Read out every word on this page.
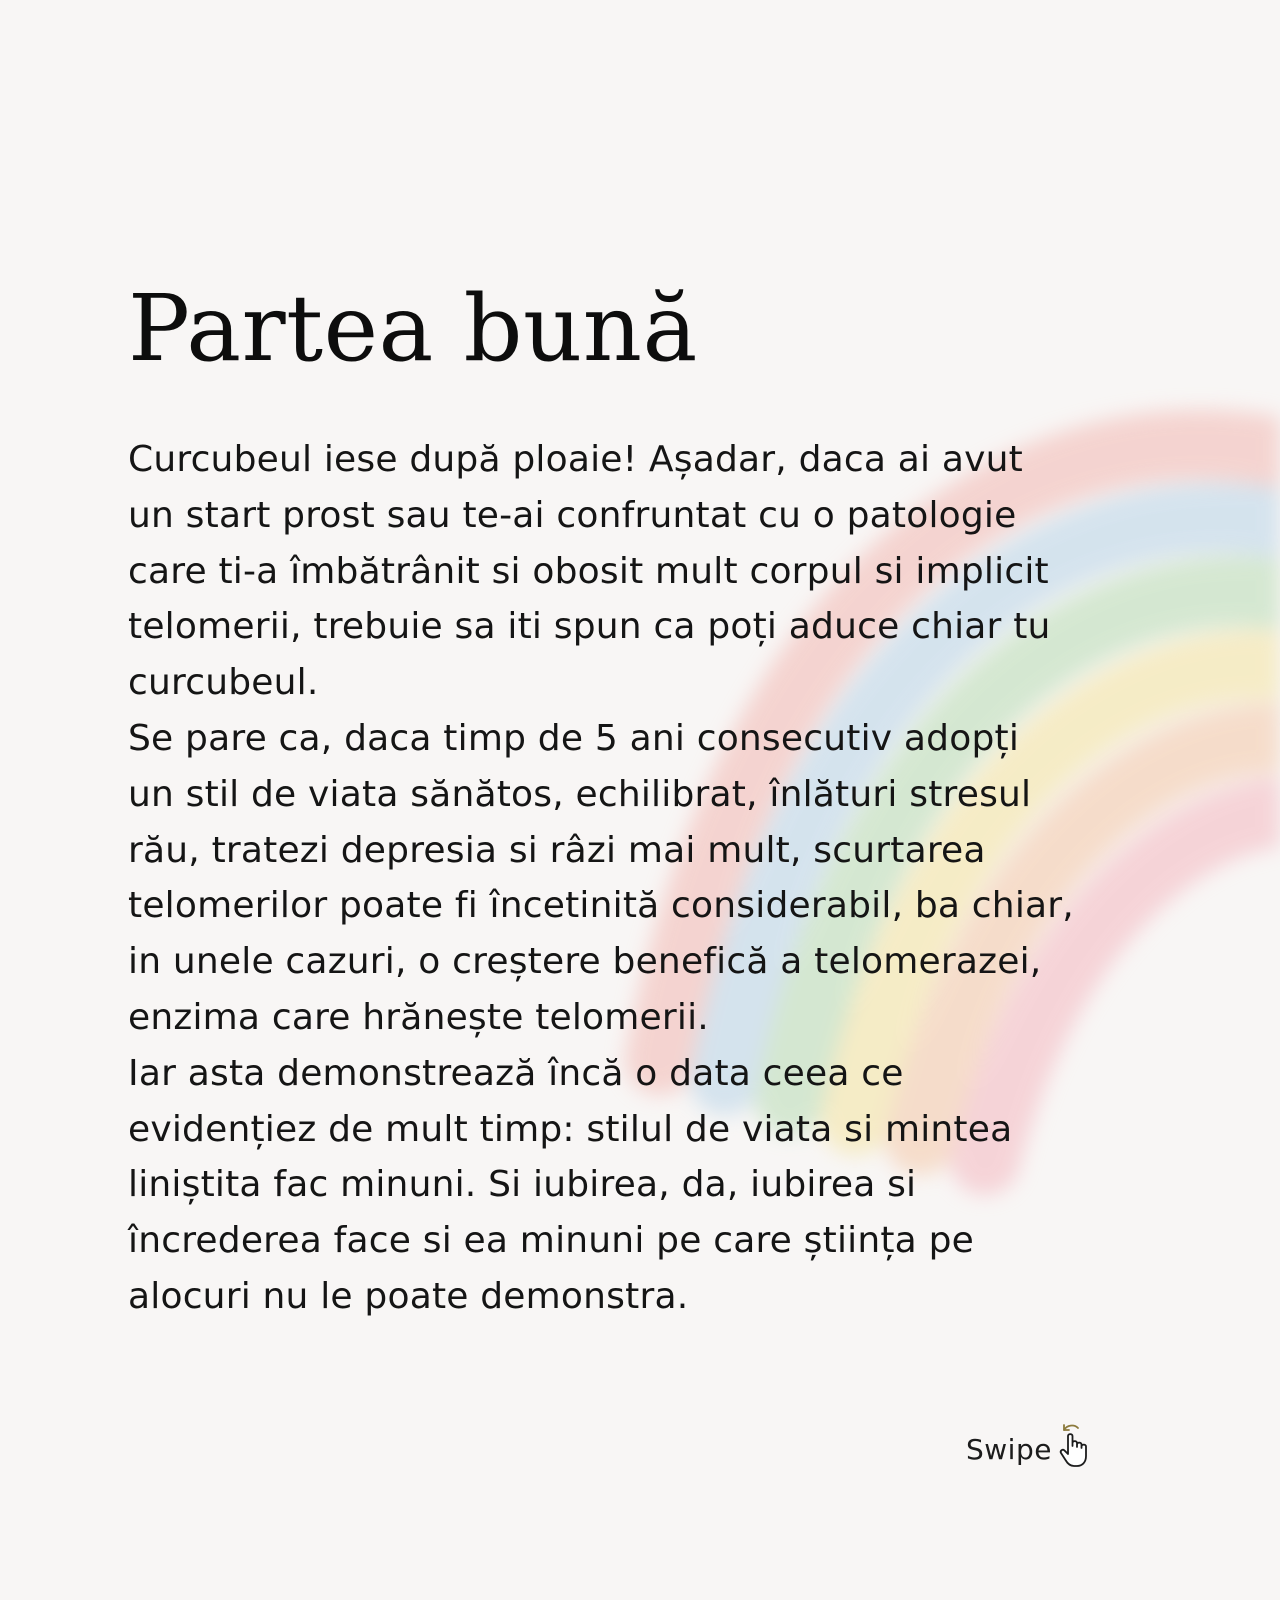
Partea bună
Curcubeul iese după ploaie! Așadar, daca ai avut
un start prost sau te-ai confruntat cu o patologie
care ti-a îmbătrânit si obosit mult corpul si implicit
telomerii, trebuie sa iti spun ca poți aduce chiar tu
curcubeul.
Se pare ca, daca timp de 5 ani consecutiv adopți
un stil de viata sănătos, echilibrat, înlături stresul
rău, tratezi depresia si râzi mai mult, scurtarea
telomerilor poate fi încetinită considerabil, ba chiar,
in unele cazuri, o creștere benefică a telomerazei,
enzima care hrănește telomerii.
Iar asta demonstrează încă o data ceea ce
evidențiez de mult timp: stilul de viata si mintea
liniștita fac minuni. Si iubirea, da, iubirea si
încrederea face si ea minuni pe care știința pe
alocuri nu le poate demonstra.
Swipe
